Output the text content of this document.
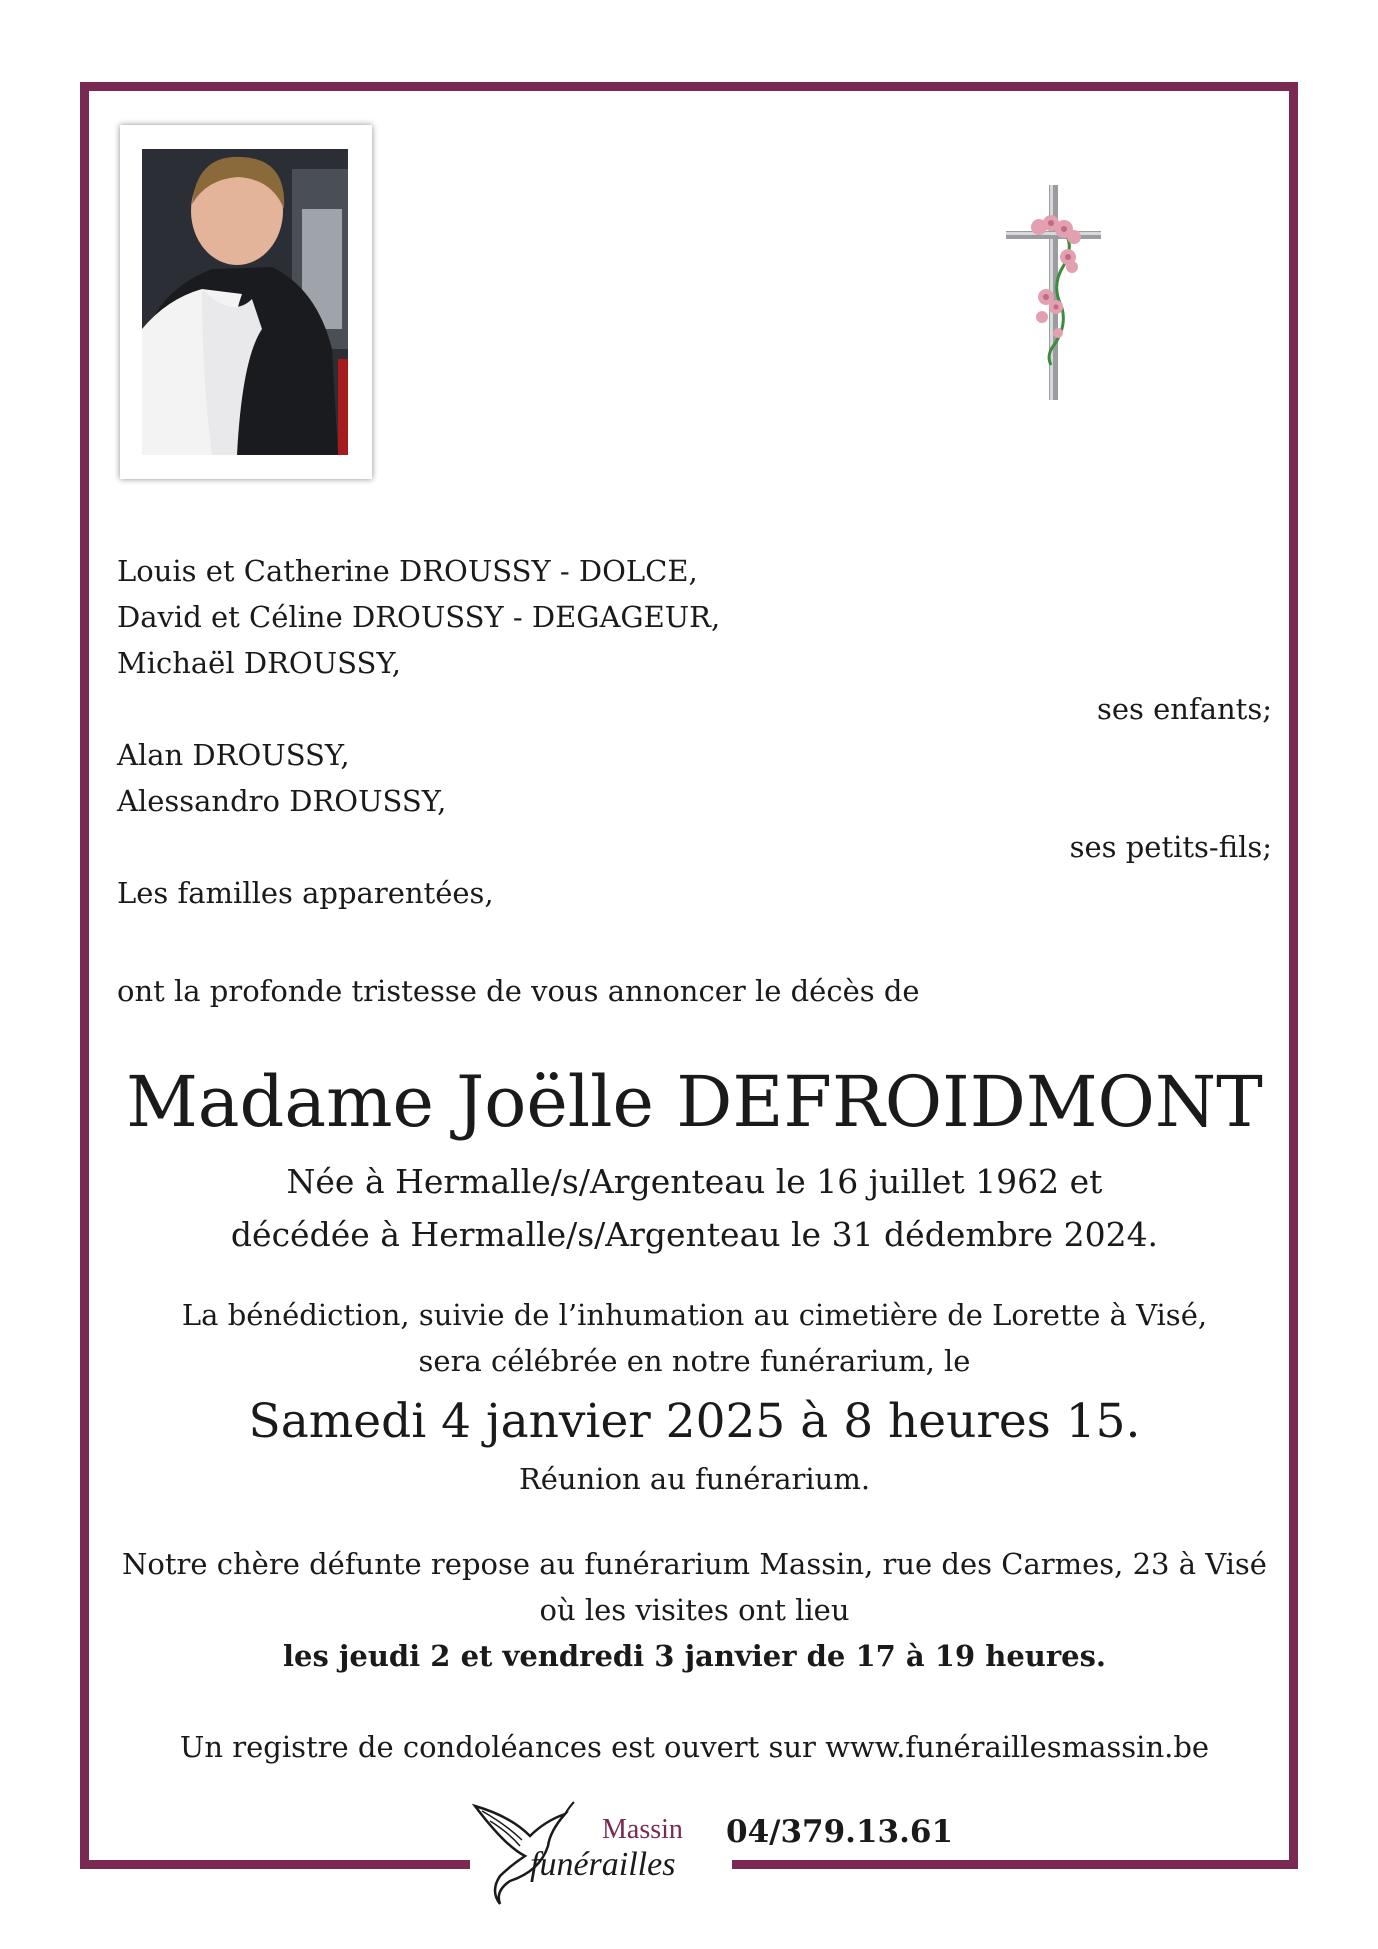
Louis et Catherine DROUSSY - DOLCE,
David et Céline DROUSSY - DEGAGEUR,
Michaël DROUSSY,
ses enfants;
Alan DROUSSY,
Alessandro DROUSSY,
ses petits-fils;
Les familles apparentées,
ont la profonde tristesse de vous annoncer le décès de
Madame Joëlle DEFROIDMONT
Née à Hermalle/s/Argenteau le 16 juillet 1962 et
décédée à Hermalle/s/Argenteau le 31 dédembre 2024.
La bénédiction, suivie de l’inhumation au cimetière de Lorette à Visé,
sera célébrée en notre funérarium, le
Samedi 4 janvier 2025 à 8 heures 15.
Réunion au funérarium.
Notre chère défunte repose au funérarium Massin, rue des Carmes, 23 à Visé
où les visites ont lieu
les jeudi 2 et vendredi 3 janvier de 17 à 19 heures.
Un registre de condoléances est ouvert sur www.funéraillesmassin.be
Massin
funérailles
04/379.13.61
